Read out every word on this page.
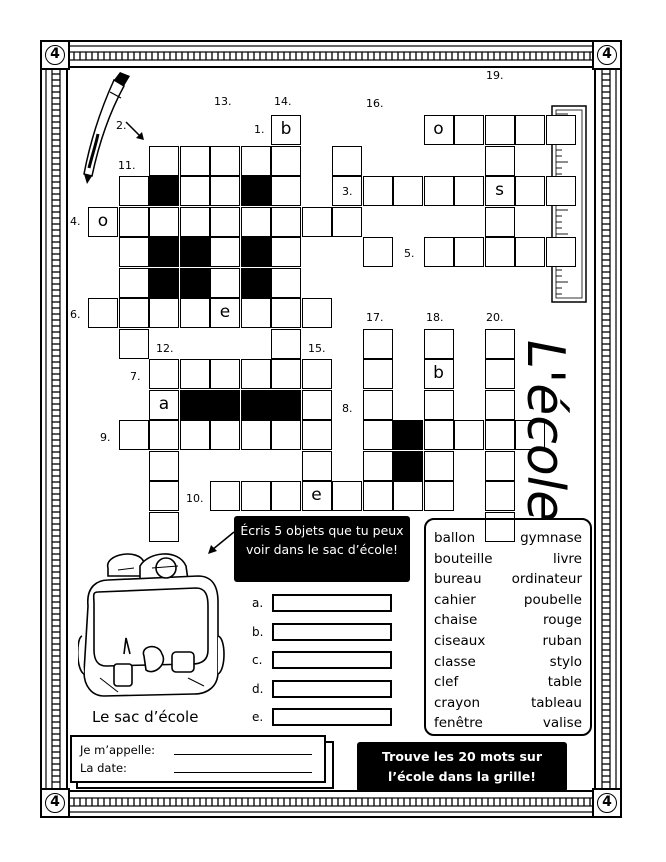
4	4
4	4
b	o
s
o
e
b
a
e
1.
2.
3.
4.
5.
6.
7.
8.
9.
10.
11.
12.
13.	14.
15.
16.
17.	18.
19.
20.
L'école
Écris 5 objets que tu peux voir dans le sac d’école!
Le sac d’école
a.
b.
c.
d.
e.
ballon	gymnase
bouteille	livre
bureau ordinateur
cahier	poubelle
chaise	rouge
ciseaux	ruban
classe	stylo
clef	table
crayon	tableau
fenêtre	valise
Je m’appelle:
La date:
Trouve les 20 mots sur l’école dans la grille!
